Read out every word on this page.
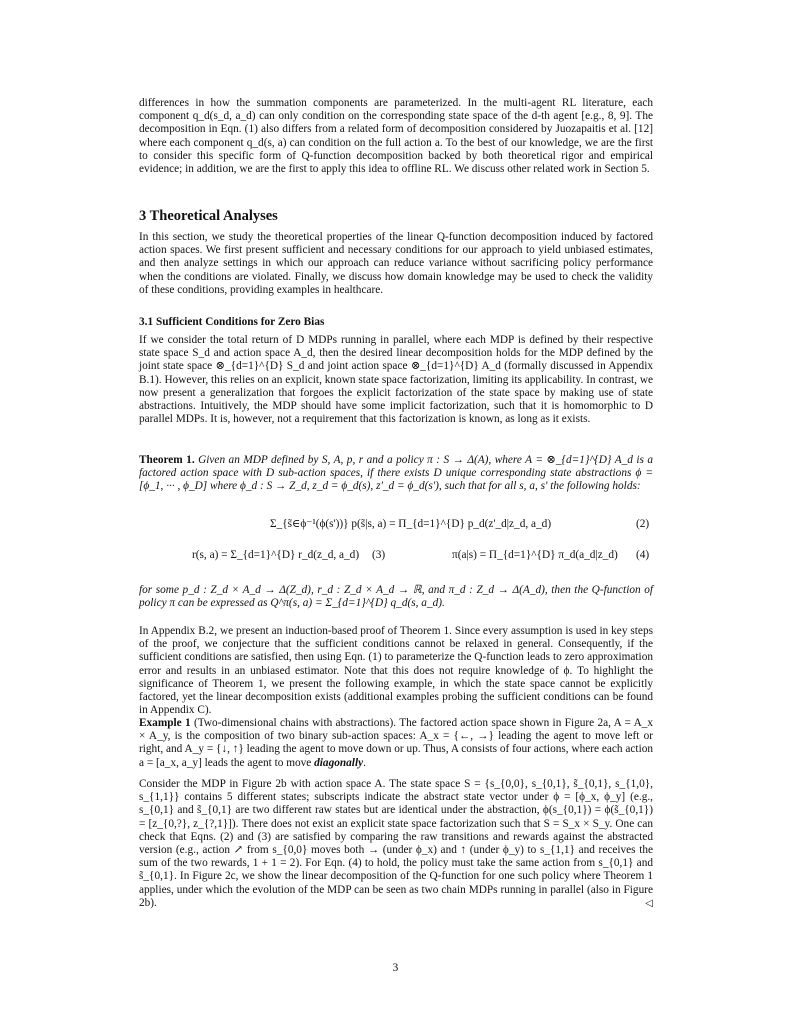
differences in how the summation components are parameterized. In the multi-agent RL literature, each component q_d(s_d, a_d) can only condition on the corresponding state space of the d-th agent [e.g., 8, 9]. The decomposition in Eqn. (1) also differs from a related form of decomposition considered by Juozapaitis et al. [12] where each component q_d(s, a) can condition on the full action a. To the best of our knowledge, we are the first to consider this specific form of Q-function decomposition backed by both theoretical rigor and empirical evidence; in addition, we are the first to apply this idea to offline RL. We discuss other related work in Section 5.

3 Theoretical Analyses

In this section, we study the theoretical properties of the linear Q-function decomposition induced by factored action spaces. We first present sufficient and necessary conditions for our approach to yield unbiased estimates, and then analyze settings in which our approach can reduce variance without sacrificing policy performance when the conditions are violated. Finally, we discuss how domain knowledge may be used to check the validity of these conditions, providing examples in healthcare.

3.1 Sufficient Conditions for Zero Bias

If we consider the total return of D MDPs running in parallel, where each MDP is defined by their respective state space S_d and action space A_d, then the desired linear decomposition holds for the MDP defined by the joint state space ⊗_{d=1}^{D} S_d and joint action space ⊗_{d=1}^{D} A_d (formally discussed in Appendix B.1). However, this relies on an explicit, known state space factorization, limiting its applicability. In contrast, we now present a generalization that forgoes the explicit factorization of the state space by making use of state abstractions. Intuitively, the MDP should have some implicit factorization, such that it is homomorphic to D parallel MDPs. It is, however, not a requirement that this factorization is known, as long as it exists.

Theorem 1. Given an MDP defined by S, A, p, r and a policy π : S → Δ(A), where A = ⊗_{d=1}^{D} A_d is a factored action space with D sub-action spaces, if there exists D unique corresponding state abstractions ϕ = [ϕ_1, ··· , ϕ_D] where ϕ_d : S → Z_d, z_d = ϕ_d(s), z'_d = ϕ_d(s'), such that for all s, a, s' the following holds:

Σ_{s̃∈ϕ⁻¹(ϕ(s'))} p(s̃|s, a) = Π_{d=1}^{D} p_d(z'_d|z_d, a_d)	(2)
r(s, a) = Σ_{d=1}^{D} r_d(z_d, a_d) (3)	π(a|s) = Π_{d=1}^{D} π_d(a_d|z_d) (4)

for some p_d : Z_d × A_d → Δ(Z_d), r_d : Z_d × A_d → ℝ, and π_d : Z_d → Δ(A_d), then the Q-function of policy π can be expressed as Q^π(s, a) = Σ_{d=1}^{D} q_d(s, a_d).

In Appendix B.2, we present an induction-based proof of Theorem 1. Since every assumption is used in key steps of the proof, we conjecture that the sufficient conditions cannot be relaxed in general. Consequently, if the sufficient conditions are satisfied, then using Eqn. (1) to parameterize the Q-function leads to zero approximation error and results in an unbiased estimator. Note that this does not require knowledge of ϕ. To highlight the significance of Theorem 1, we present the following example, in which the state space cannot be explicitly factored, yet the linear decomposition exists (additional examples probing the sufficient conditions can be found in Appendix C).

Example 1 (Two-dimensional chains with abstractions). The factored action space shown in Figure 2a, A = A_x × A_y, is the composition of two binary sub-action spaces: A_x = {←, →} leading the agent to move left or right, and A_y = {↓, ↑} leading the agent to move down or up. Thus, A consists of four actions, where each action a = [a_x, a_y] leads the agent to move diagonally.

Consider the MDP in Figure 2b with action space A. The state space S = {s_{0,0}, s_{0,1}, s̃_{0,1}, s_{1,0}, s_{1,1}} contains 5 different states; subscripts indicate the abstract state vector under ϕ = [ϕ_x, ϕ_y] (e.g., s_{0,1} and s̃_{0,1} are two different raw states but are identical under the abstraction, ϕ(s_{0,1}) = ϕ(s̃_{0,1}) = [z_{0,?}, z_{?,1}]). There does not exist an explicit state space factorization such that S = S_x × S_y. One can check that Eqns. (2) and (3) are satisfied by comparing the raw transitions and rewards against the abstracted version (e.g., action ↗ from s_{0,0} moves both → (under ϕ_x) and ↑ (under ϕ_y) to s_{1,1} and receives the sum of the two rewards, 1 + 1 = 2). For Eqn. (4) to hold, the policy must take the same action from s_{0,1} and s̃_{0,1}. In Figure 2c, we show the linear decomposition of the Q-function for one such policy where Theorem 1 applies, under which the evolution of the MDP can be seen as two chain MDPs running in parallel (also in Figure 2b).	◁

3
